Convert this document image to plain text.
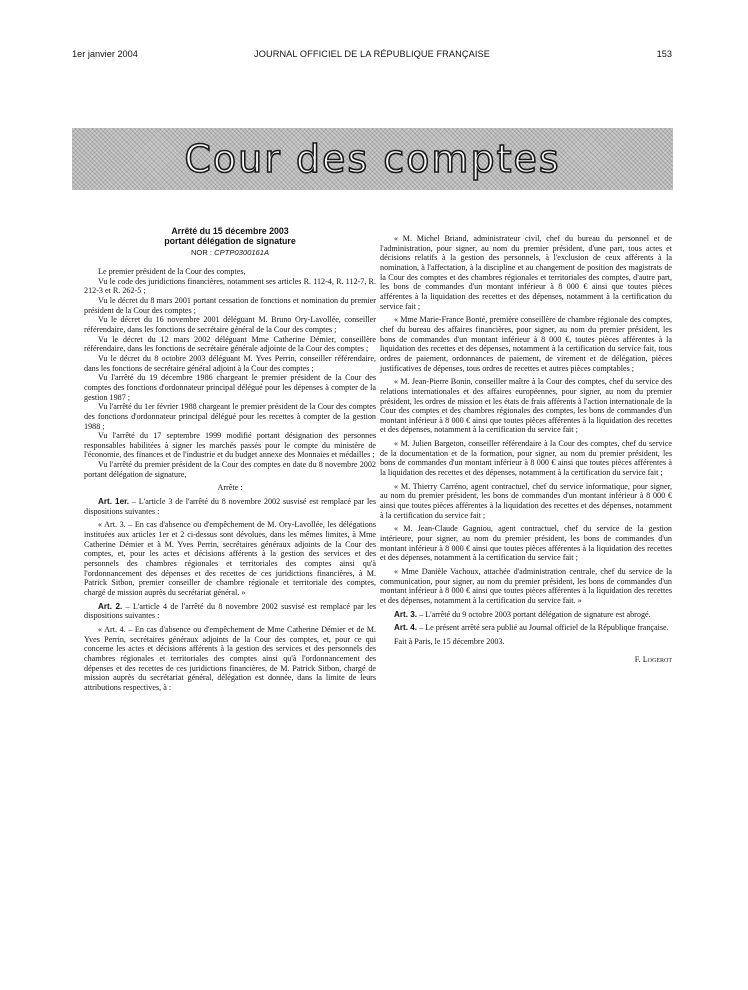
1er janvier 2004	JOURNAL OFFICIEL DE LA RÉPUBLIQUE FRANÇAISE	153
Cour des comptes
Arrêté du 15 décembre 2003
portant délégation de signature
NOR : CPTP0300161A

Le premier président de la Cour des comptes,

Vu le code des juridictions financières, notamment ses articles R. 112-4, R. 112-7, R. 212-3 et R. 262-5 ;

Vu le décret du 8 mars 2001 portant cessation de fonctions et nomination du premier président de la Cour des comptes ;

Vu le décret du 16 novembre 2001 déléguant M. Bruno Ory-Lavollée, conseiller référendaire, dans les fonctions de secrétaire général de la Cour des comptes ;

Vu le décret du 12 mars 2002 déléguant Mme Catherine Démier, conseillère référendaire, dans les fonctions de secrétaire générale adjointe de la Cour des comptes ;

Vu le décret du 8 octobre 2003 déléguant M. Yves Perrin, conseiller référendaire, dans les fonctions de secrétaire général adjoint à la Cour des comptes ;

Vu l'arrêté du 19 décembre 1986 chargeant le premier président de la Cour des comptes des fonctions d'ordonnateur principal délégué pour les dépenses à compter de la gestion 1987 ;

Vu l'arrêté du 1er février 1988 chargeant le premier président de la Cour des comptes des fonctions d'ordonnateur principal délégué pour les recettes à compter de la gestion 1988 ;

Vu l'arrêté du 17 septembre 1999 modifié portant désignation des personnes responsables habilitées à signer les marchés passés pour le compte du ministère de l'économie, des finances et de l'industrie et du budget annexe des Monnaies et médailles ;

Vu l'arrêté du premier président de la Cour des comptes en date du 8 novembre 2002 portant délégation de signature,

Arrête :

Art. 1er. – L'article 3 de l'arrêté du 8 novembre 2002 susvisé est remplacé par les dispositions suivantes :

« Art. 3. – En cas d'absence ou d'empêchement de M. Ory-Lavollée, les délégations instituées aux articles 1er et 2 ci-dessus sont dévolues, dans les mêmes limites, à Mme Catherine Démier et à M. Yves Perrin, secrétaires généraux adjoints de la Cour des comptes, et, pour les actes et décisions afférents à la gestion des services et des personnels des chambres régionales et territoriales des comptes ainsi qu'à l'ordonnancement des dépenses et des recettes de ces juridictions financières, à M. Patrick Sitbon, premier conseiller de chambre régionale et territoriale des comptes, chargé de mission auprès du secrétariat général. »

Art. 2. – L'article 4 de l'arrêté du 8 novembre 2002 susvisé est remplacé par les dispositions suivantes :

« Art. 4. – En cas d'absence ou d'empêchement de Mme Catherine Démier et de M. Yves Perrin, secrétaires généraux adjoints de la Cour des comptes, et, pour ce qui concerne les actes et décisions afférents à la gestion des services et des personnels des chambres régionales et territoriales des comptes ainsi qu'à l'ordonnancement des dépenses et des recettes de ces juridictions financières, de M. Patrick Sitbon, chargé de mission auprès du secrétariat général, délégation est donnée, dans la limite de leurs attributions respectives, à :

« M. Michel Briand, administrateur civil, chef du bureau du personnel et de l'administration, pour signer, au nom du premier président, d'une part, tous actes et décisions relatifs à la gestion des personnels, à l'exclusion de ceux afférents à la nomination, à l'affectation, à la discipline et au changement de position des magistrats de la Cour des comptes et des chambres régionales et territoriales des comptes, d'autre part, les bons de commandes d'un montant inférieur à 8 000 € ainsi que toutes pièces afférentes à la liquidation des recettes et des dépenses, notamment à la certification du service fait ;

« Mme Marie-France Bonté, première conseillère de chambre régionale des comptes, chef du bureau des affaires financières, pour signer, au nom du premier président, les bons de commandes d'un montant inférieur à 8 000 €, toutes pièces afférentes à la liquidation des recettes et des dépenses, notamment à la certification du service fait, tous ordres de paiement, ordonnances de paiement, de virement et de délégation, pièces justificatives de dépenses, tous ordres de recettes et autres pièces comptables ;

« M. Jean-Pierre Bonin, conseiller maître à la Cour des comptes, chef du service des relations internationales et des affaires européennes, pour signer, au nom du premier président, les ordres de mission et les états de frais afférents à l'action internationale de la Cour des comptes et des chambres régionales des comptes, les bons de commandes d'un montant inférieur à 8 000 € ainsi que toutes pièces afférentes à la liquidation des recettes et des dépenses, notamment à la certification du service fait ;

« M. Julien Bargeton, conseiller référendaire à la Cour des comptes, chef du service de la documentation et de la formation, pour signer, au nom du premier président, les bons de commandes d'un montant inférieur à 8 000 € ainsi que toutes pièces afférentes à la liquidation des recettes et des dépenses, notamment à la certification du service fait ;

« M. Thierry Carréno, agent contractuel, chef du service informatique, pour signer, au nom du premier président, les bons de commandes d'un montant inférieur à 8 000 € ainsi que toutes pièces afférentes à la liquidation des recettes et des dépenses, notamment à la certification du service fait ;

« M. Jean-Claude Gagniou, agent contractuel, chef du service de la gestion intérieure, pour signer, au nom du premier président, les bons de commandes d'un montant inférieur à 8 000 € ainsi que toutes pièces afférentes à la liquidation des recettes et des dépenses, notamment à la certification du service fait ;

« Mme Danièle Vachoux, attachée d'administration centrale, chef du service de la communication, pour signer, au nom du premier président, les bons de commandes d'un montant inférieur à 8 000 € ainsi que toutes pièces afférentes à la liquidation des recettes et des dépenses, notamment à la certification du service fait. »

Art. 3. – L'arrêté du 9 octobre 2003 portant délégation de signature est abrogé.

Art. 4. – Le présent arrêté sera publié au Journal officiel de la République française.

Fait à Paris, le 15 décembre 2003.

F. Logerot
